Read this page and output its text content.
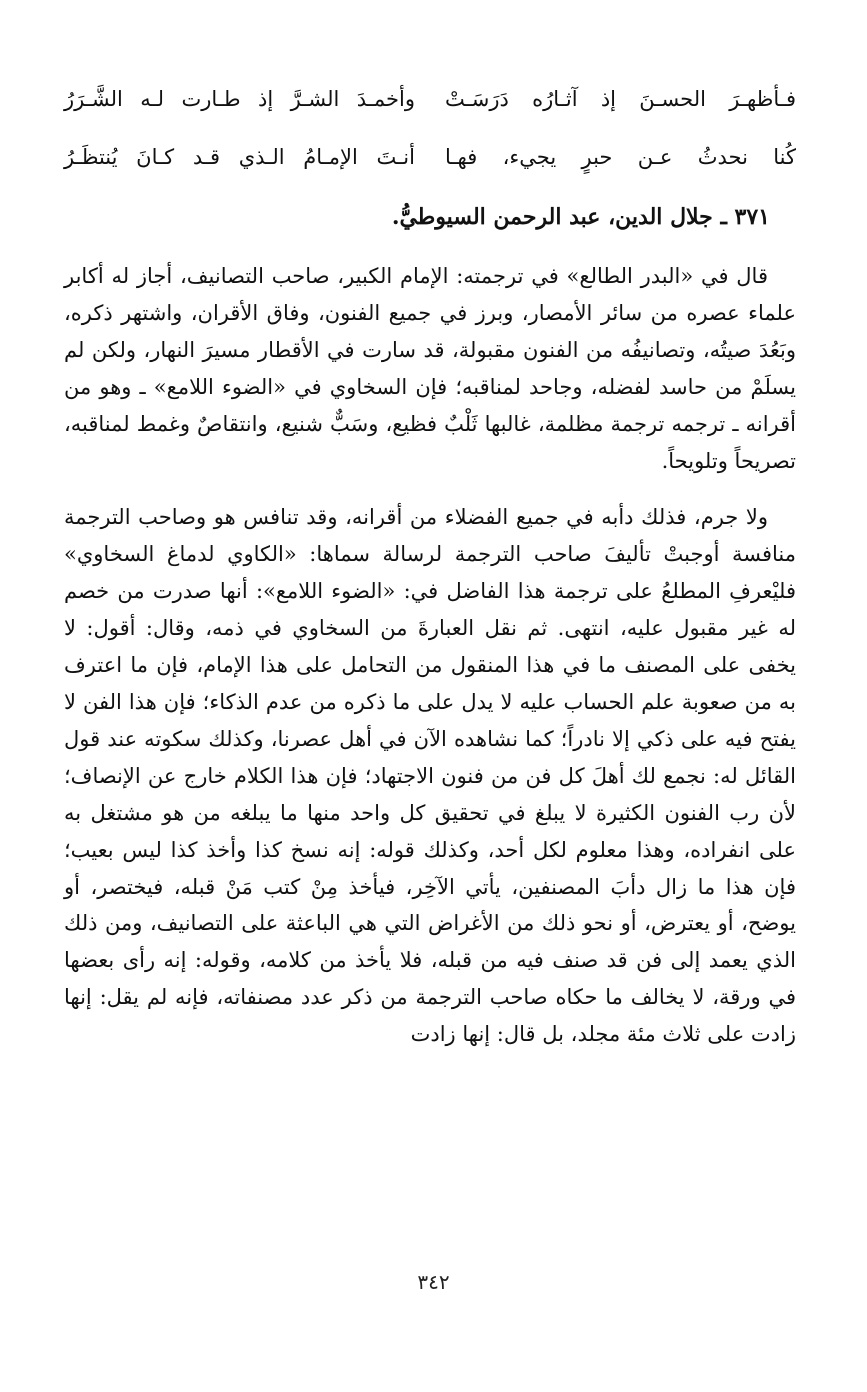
فـأظهـرَ الحسـنَ إذ آثـارُه دَرَسَـتْ
وأخمـدَ الشـرَّ إذ طـارت لـه الشَّـرَرُ
كُنا نحدثُ عـن حبرٍ يجيء، فهـا
أنـتَ الإمـامُ الـذي قـد كـانَ يُنتظَـرُ
٣٧١ ـ جلال الدين، عبد الرحمن السيوطيُّ.

قال في «البدر الطالع» في ترجمته: الإمام الكبير، صاحب التصانيف، أجاز له أكابر علماء عصره من سائر الأمصار، وبرز في جميع الفنون، وفاق الأقران، واشتهر ذكره، وبَعُدَ صيتُه، وتصانيفُه من الفنون مقبولة، قد سارت في الأقطار مسيرَ النهار، ولكن لم يسلَمْ من حاسد لفضله، وجاحد لمناقبه؛ فإن السخاوي في «الضوء اللامع» ـ وهو من أقرانه ـ ترجمه ترجمة مظلمة، غالبها ثَلْبٌ فظيع، وسَبٌّ شنيع، وانتقاصٌ وغمط لمناقبه، تصريحاً وتلويحاً.

ولا جرم، فذلك دأبه في جميع الفضلاء من أقرانه، وقد تنافس هو وصاحب الترجمة منافسة أوجبتْ تأليفَ صاحب الترجمة لرسالة سماها: «الكاوي لدماغ السخاوي» فليْعرفِ المطلعُ على ترجمة هذا الفاضل في: «الضوء اللامع»: أنها صدرت من خصم له غير مقبول عليه، انتهى. ثم نقل العبارةَ من السخاوي في ذمه، وقال: أقول: لا يخفى على المصنف ما في هذا المنقول من التحامل على هذا الإمام، فإن ما اعترف به من صعوبة علم الحساب عليه لا يدل على ما ذكره من عدم الذكاء؛ فإن هذا الفن لا يفتح فيه على ذكي إلا نادراً؛ كما نشاهده الآن في أهل عصرنا، وكذلك سكوته عند قول القائل له: نجمع لك أهلَ كل فن من فنون الاجتهاد؛ فإن هذا الكلام خارج عن الإنصاف؛ لأن رب الفنون الكثيرة لا يبلغ في تحقيق كل واحد منها ما يبلغه من هو مشتغل به على انفراده، وهذا معلوم لكل أحد، وكذلك قوله: إنه نسخ كذا وأخذ كذا ليس بعيب؛ فإن هذا ما زال دأبَ المصنفين، يأتي الآخِر، فيأخذ مِنْ كتب مَنْ قبله، فيختصر، أو يوضح، أو يعترض، أو نحو ذلك من الأغراض التي هي الباعثة على التصانيف، ومن ذلك الذي يعمد إلى فن قد صنف فيه من قبله، فلا يأخذ من كلامه، وقوله: إنه رأى بعضها في ورقة، لا يخالف ما حكاه صاحب الترجمة من ذكر عدد مصنفاته، فإنه لم يقل: إنها زادت على ثلاث مئة مجلد، بل قال: إنها زادت

٣٤٢
